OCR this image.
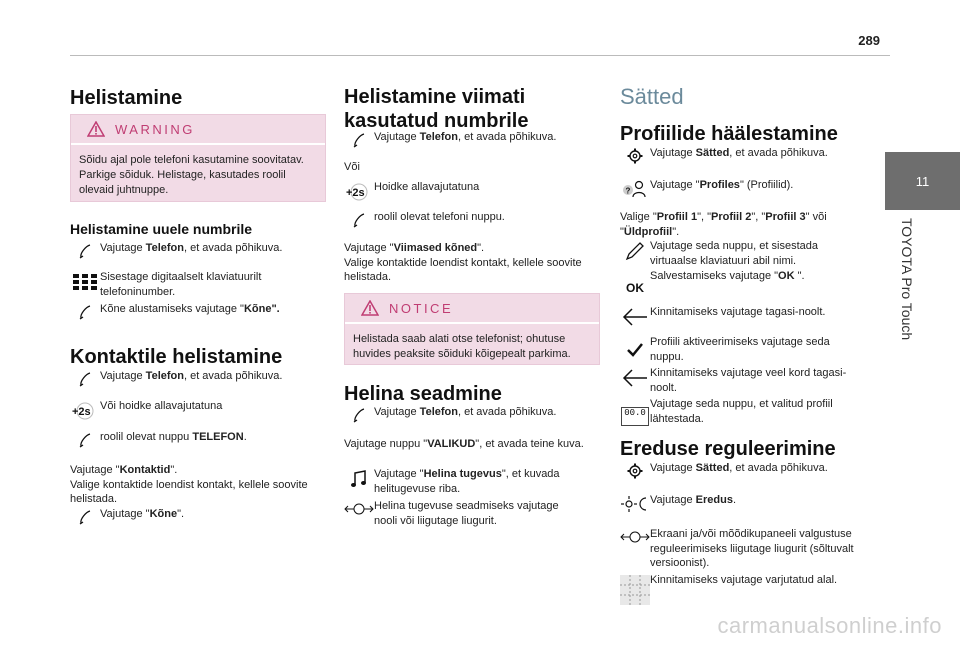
289
11
TOYOTA Pro Touch
Helistamine
WARNING
Sõidu ajal pole telefoni kasutamine soovitatav. Parkige sõiduk. Helistage, kasutades roolil olevaid juhtnuppe.
Helistamine uuele numbrile
Vajutage Telefon, et avada põhikuva.
Sisestage digitaalselt klaviatuurilt telefoninumber.
Kõne alustamiseks vajutage "Kõne".
Kontaktile helistamine
Vajutage Telefon, et avada põhikuva.
+2s Või hoidke allavajutatuna
roolil olevat nuppu TELEFON.
Vajutage "Kontaktid".
Valige kontaktide loendist kontakt, kellele soovite helistada.
Vajutage "Kõne".
Helistamine viimati kasutatud numbrile
Vajutage Telefon, et avada põhikuva.
Või
+2s Hoidke allavajutatuna
roolil olevat telefoni nuppu.
Vajutage "Viimased kõned".
Valige kontaktide loendist kontakt, kellele soovite helistada.
NOTICE
Helistada saab alati otse telefonist; ohutuse huvides peaksite sõiduki kõigepealt parkima.
Helina seadmine
Vajutage Telefon, et avada põhikuva.
Vajutage nuppu "VALIKUD", et avada teine kuva.
Vajutage "Helina tugevus", et kuvada helitugevuse riba.
Helina tugevuse seadmiseks vajutage nooli või liigutage liugurit.
Sätted
Profiilide häälestamine
Vajutage Sätted, et avada põhikuva.
? Vajutage "Profiles" (Profiilid).
Valige "Profiil 1", "Profiil 2", "Profiil 3" või "Üldprofiil".
Vajutage seda nuppu, et sisestada virtuaalse klaviatuuri abil nimi.
OK
Salvestamiseks vajutage "OK ".
Kinnitamiseks vajutage tagasi-noolt.
Profiili aktiveerimiseks vajutage seda nuppu.
Kinnitamiseks vajutage veel kord tagasi-noolt.
00.0
Vajutage seda nuppu, et valitud profiil lähtestada.
Ereduse reguleerimine
Vajutage Sätted, et avada põhikuva.
Vajutage Eredus.
Ekraani ja/või mõõdikupaneeli valgustuse reguleerimiseks liigutage liugurit (sõltuvalt versioonist).
Kinnitamiseks vajutage varjutatud alal.
carmanualsonline.info
